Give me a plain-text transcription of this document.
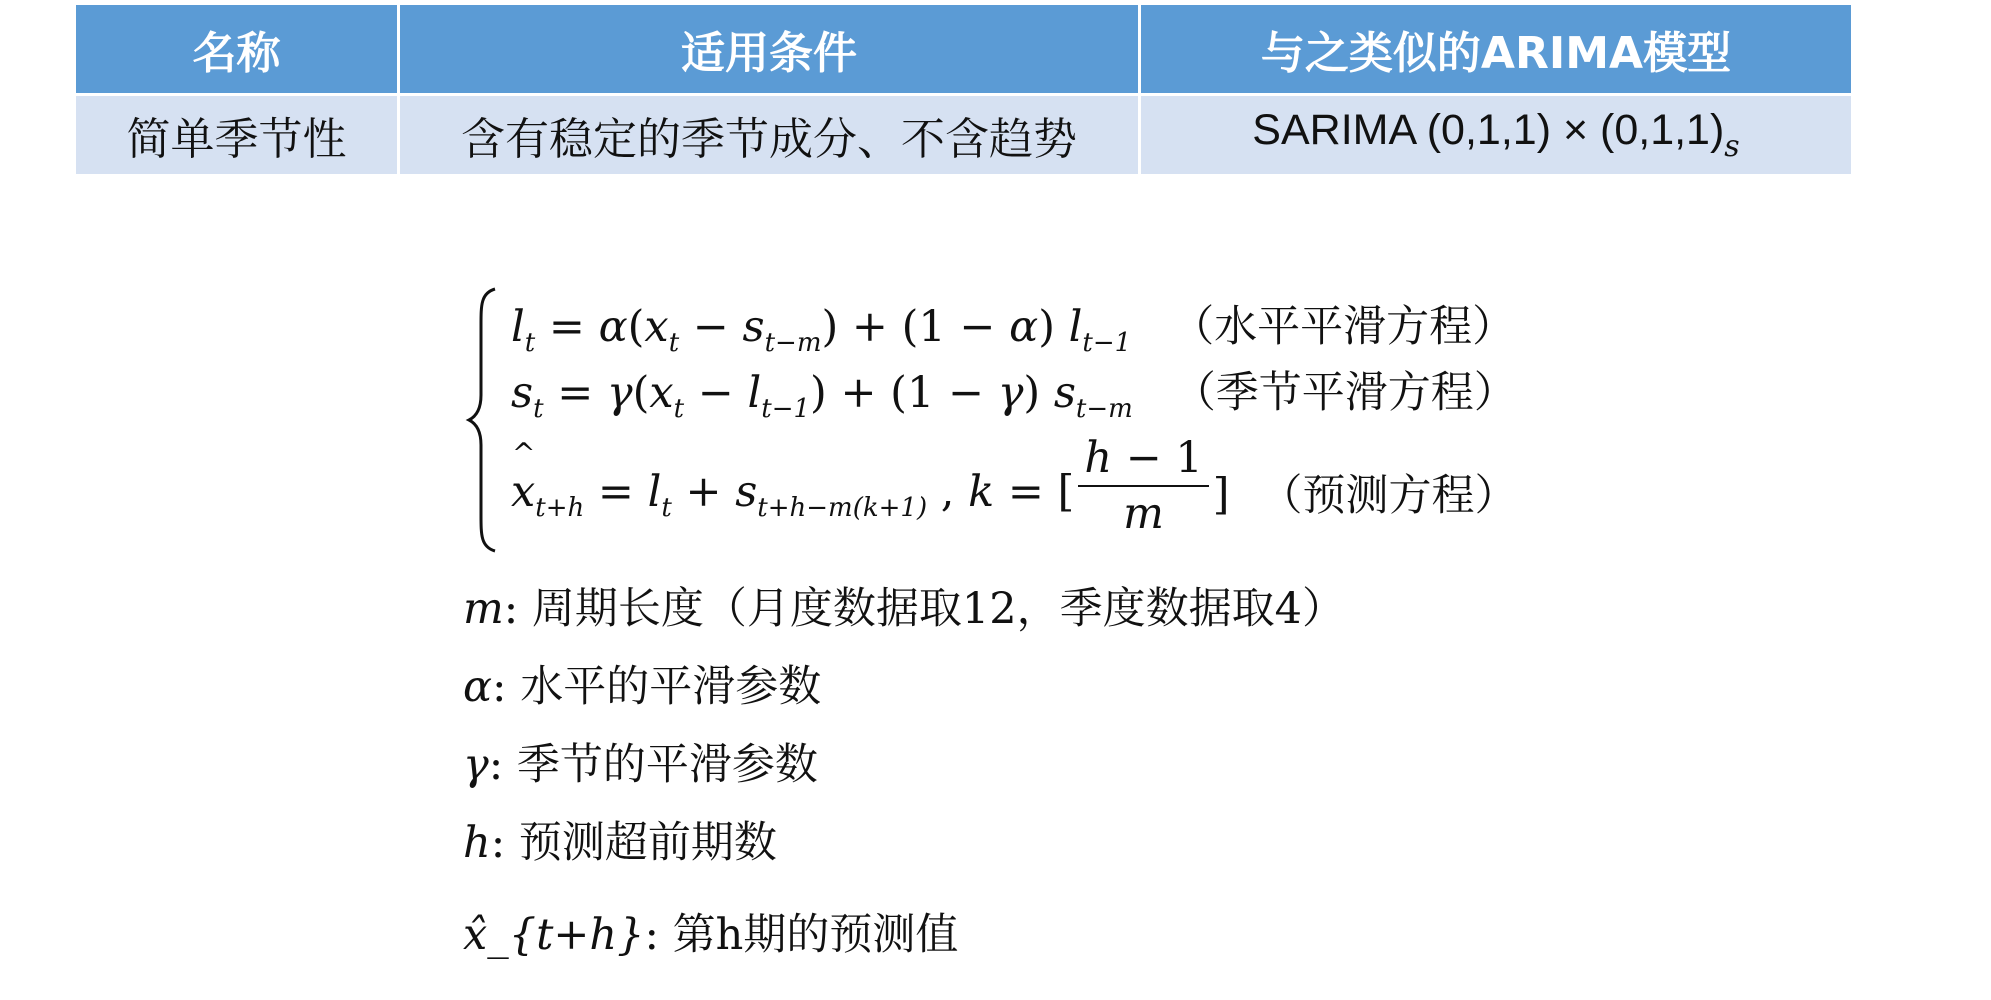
名称	适用条件	与之类似的ARIMA模型
简单季节性	含有稳定的季节成分、不含趋势	SARIMA $(0,1,1) \times (0,1,1)_s$
$l_t = \alpha(x_t - s_{t-m}) + (1 - \alpha)$ $l_{t-1}$ （水平平滑方程）
$s_t = \gamma(x_t - l_{t-1}) + (1 - \gamma)$ $s_{t-m}$ （季节平滑方程）
^ $x_{t+h} = l_t + s_{t+h-m(k+1)}$ , k = [ $\frac{h - 1}{m}$ ] （预测方程）
m: 周期长度（月度数据取12，季度数据取4）
α: 水平的平滑参数
γ: 季节的平滑参数
h: 预测超前期数
x̂_{t+h}: 第h期的预测值
